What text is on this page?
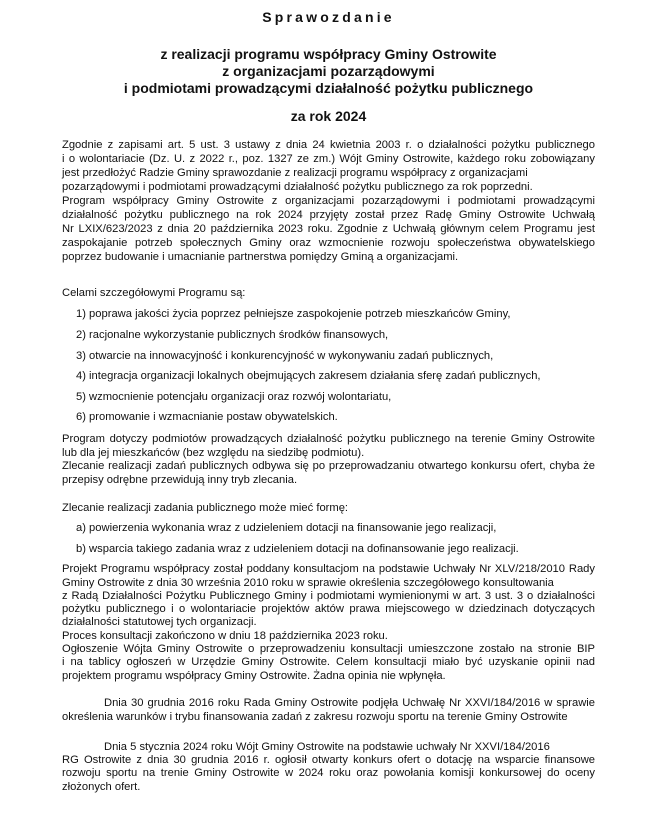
Sprawozdanie
z realizacji programu współpracy Gminy Ostrowite
z organizacjami pozarządowymi
i podmiotami prowadzącymi działalność pożytku publicznego
za rok 2024
Zgodnie z zapisami art. 5 ust. 3 ustawy z dnia 24 kwietnia 2003 r. o działalności pożytku publicznego
i o wolontariacie (Dz. U. z 2022 r., poz. 1327 ze zm.) Wójt Gminy Ostrowite, każdego roku zobowiązany
jest przedłożyć Radzie Gminy sprawozdanie z realizacji programu współpracy z organizacjami
pozarządowymi i podmiotami prowadzącymi działalność pożytku publicznego za rok poprzedni.
Program współpracy Gminy Ostrowite z organizacjami pozarządowymi i podmiotami prowadzącymi
działalność pożytku publicznego na rok 2024 przyjęty został przez Radę Gminy Ostrowite Uchwałą
Nr LXIX/623/2023 z dnia 20 października 2023 roku. Zgodnie z Uchwałą głównym celem Programu jest
zaspokajanie potrzeb społecznych Gminy oraz wzmocnienie rozwoju społeczeństwa obywatelskiego
poprzez budowanie i umacnianie partnerstwa pomiędzy Gminą a organizacjami.
Celami szczegółowymi Programu są:
1) poprawa jakości życia poprzez pełniejsze zaspokojenie potrzeb mieszkańców Gminy,
2) racjonalne wykorzystanie publicznych środków finansowych,
3) otwarcie na innowacyjność i konkurencyjność w wykonywaniu zadań publicznych,
4) integracja organizacji lokalnych obejmujących zakresem działania sferę zadań publicznych,
5) wzmocnienie potencjału organizacji oraz rozwój wolontariatu,
6) promowanie i wzmacnianie postaw obywatelskich.
Program dotyczy podmiotów prowadzących działalność pożytku publicznego na terenie Gminy Ostrowite
lub dla jej mieszkańców (bez względu na siedzibę podmiotu).
Zlecanie realizacji zadań publicznych odbywa się po przeprowadzaniu otwartego konkursu ofert, chyba że
przepisy odrębne przewidują inny tryb zlecania.
Zlecanie realizacji zadania publicznego może mieć formę:
a) powierzenia wykonania wraz z udzieleniem dotacji na finansowanie jego realizacji,
b) wsparcia takiego zadania wraz z udzieleniem dotacji na dofinansowanie jego realizacji.
Projekt Programu współpracy został poddany konsultacjom na podstawie Uchwały Nr XLV/218/2010 Rady
Gminy Ostrowite z dnia 30 września 2010 roku w sprawie określenia szczegółowego konsultowania
z Radą Działalności Pożytku Publicznego Gminy i podmiotami wymienionymi w art. 3 ust. 3 o działalności
pożytku publicznego i o wolontariacie projektów aktów prawa miejscowego w dziedzinach dotyczących
działalności statutowej tych organizacji.
Proces konsultacji zakończono w dniu 18 października 2023 roku.
Ogłoszenie Wójta Gminy Ostrowite o przeprowadzeniu konsultacji umieszczone zostało na stronie BIP
i na tablicy ogłoszeń w Urzędzie Gminy Ostrowite. Celem konsultacji miało być uzyskanie opinii nad
projektem programu współpracy Gminy Ostrowite. Żadna opinia nie wpłynęła.
Dnia 30 grudnia 2016 roku Rada Gminy Ostrowite podjęła Uchwałę Nr XXVI/184/2016 w sprawie
określenia warunków i trybu finansowania zadań z zakresu rozwoju sportu na terenie Gminy Ostrowite
Dnia 5 stycznia 2024 roku Wójt Gminy Ostrowite na podstawie uchwały Nr XXVI/184/2016
RG Ostrowite z dnia 30 grudnia 2016 r. ogłosił otwarty konkurs ofert o dotację na wsparcie finansowe
rozwoju sportu na trenie Gminy Ostrowite w 2024 roku oraz powołania komisji konkursowej do oceny
złożonych ofert.
